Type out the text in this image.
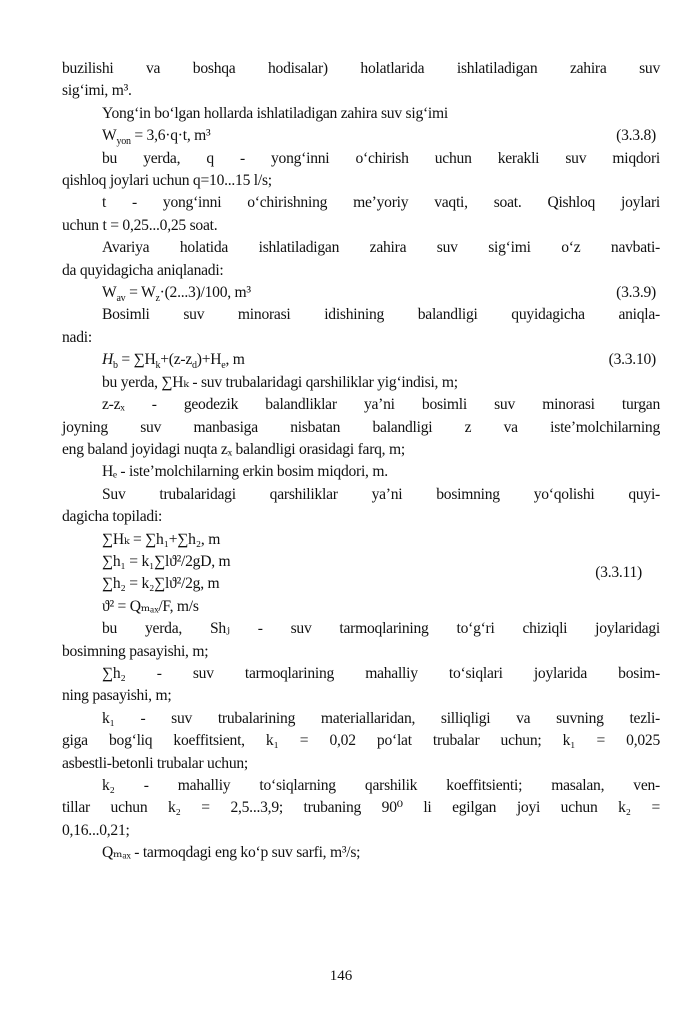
buzilishi va boshqa hodisalar) holatlarida ishlatiladigan zahira suv
sig‘imi, m³.
Yong‘in bo‘lgan hollarda ishlatiladigan zahira suv sig‘imi
$W_{yon} = 3,6\cdot q\cdot t$, m³	(3.3.8)
bu yerda, q - yong‘inni o‘chirish uchun kerakli suv miqdori
qishloq joylari uchun q=10...15 l/s;
t - yong‘inni o‘chirishning me’yoriy vaqti, soat. Qishloq joylari
uchun t = 0,25...0,25 soat.
Avariya holatida ishlatiladigan zahira suv sig‘imi o‘z navbati-
da quyidagicha aniqlanadi:
$W_{av} = W_z\cdot(2...3)/100$, m³	(3.3.9)
Bosimli suv minorasi idishining balandligi quyidagicha aniqla-
nadi:
$H_b = \sum H_k+(z-z_d)+H_e$, m	(3.3.10)
bu yerda, ∑Hₖ - suv trubalaridagi qarshiliklar yig‘indisi, m;
z-zₓ - geodezik balandliklar ya’ni bosimli suv minorasi turgan
joyning suv manbasiga nisbatan balandligi z va iste’molchilarning
eng baland joyidagi nuqta zₓ balandligi orasidagi farq, m;
Hₑ - iste’molchilarning erkin bosim miqdori, m.
Suv trubalaridagi qarshiliklar ya’ni bosimning yo‘qolishi quyi-
dagicha topiladi:
∑Hₖ = ∑h₁+∑h₂, m
∑h₁ = k₁∑lϑ²/2gD, m
∑h₂ = k₂∑lϑ²/2g, m
ϑ² = Qₘₐₓ/F, m/s
(3.3.11)
bu yerda, Shⱼ - suv tarmoqlarining to‘g‘ri chiziqli joylaridagi
bosimning pasayishi, m;
∑h₂ - suv tarmoqlarining mahalliy to‘siqlari joylarida bosim-
ning pasayishi, m;
k₁ - suv trubalarining materiallaridan, silliqligi va suvning tezli-
giga bog‘liq koeffitsient, k₁ = 0,02 po‘lat trubalar uchun; k₁ = 0,025
asbestli-betonli trubalar uchun;
k₂ - mahalliy to‘siqlarning qarshilik koeffitsienti; masalan, ven-
tillar uchun k₂ = 2,5...3,9; trubaning 90⁰ li egilgan joyi uchun k₂ =
0,16...0,21;
Qₘₐₓ - tarmoqdagi eng ko‘p suv sarfi, m³/s;
146
